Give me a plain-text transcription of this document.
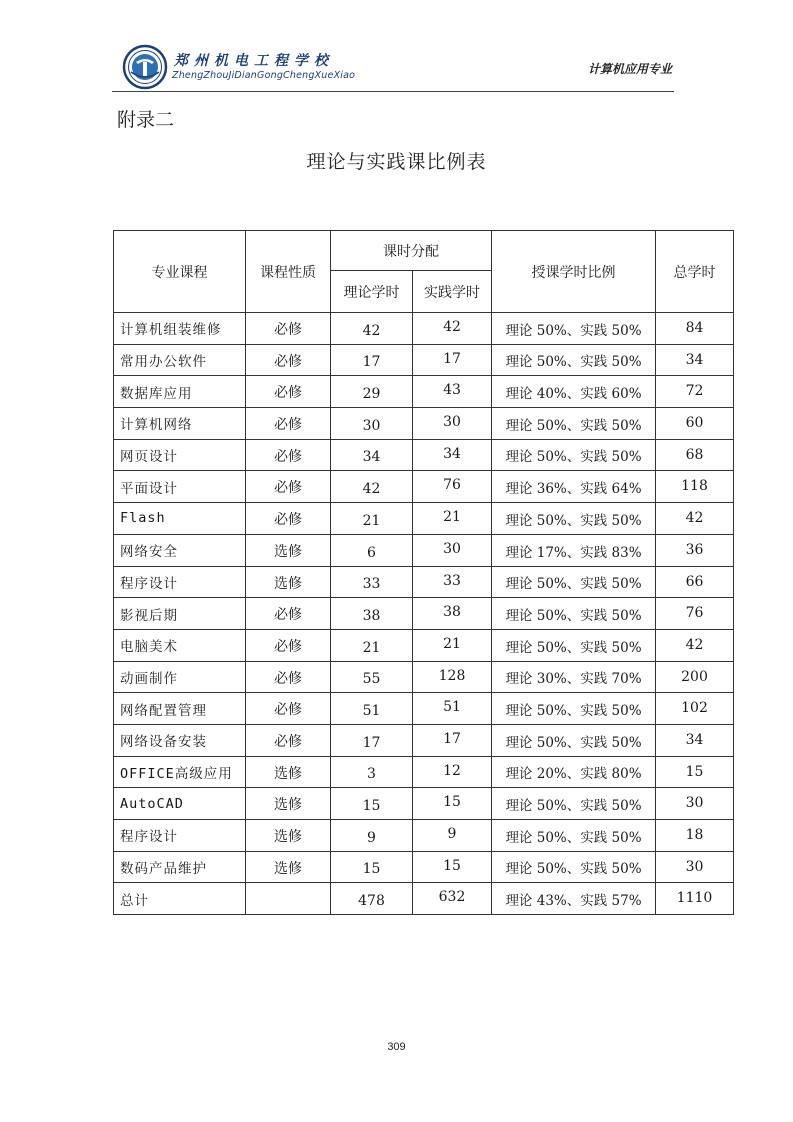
郑州机电工程学校
ZhengZhouJiDianGongChengXueXiao	计算机应用专业
附录二
理论与实践课比例表
专业课程	课程性质	课时分配		授课学时比例	总学时
		理论学时	实践学时		
计算机组装维修	必修	42	42	理论 50%、实践 50%	84
常用办公软件	必修	17	17	理论 50%、实践 50%	34
数据库应用	必修	29	43	理论 40%、实践 60%	72
计算机网络	必修	30	30	理论 50%、实践 50%	60
网页设计	必修	34	34	理论 50%、实践 50%	68
平面设计	必修	42	76	理论 36%、实践 64%	118
Flash	必修	21	21	理论 50%、实践 50%	42
网络安全	选修	6	30	理论 17%、实践 83%	36
程序设计	选修	33	33	理论 50%、实践 50%	66
影视后期	必修	38	38	理论 50%、实践 50%	76
电脑美术	必修	21	21	理论 50%、实践 50%	42
动画制作	必修	55	128	理论 30%、实践 70%	200
网络配置管理	必修	51	51	理论 50%、实践 50%	102
网络设备安装	必修	17	17	理论 50%、实践 50%	34
OFFICE高级应用	选修	3	12	理论 20%、实践 80%	15
AutoCAD	选修	15	15	理论 50%、实践 50%	30
程序设计	选修	9	9	理论 50%、实践 50%	18
数码产品维护	选修	15	15	理论 50%、实践 50%	30
总计		478	632	理论 43%、实践 57%	1110
309
